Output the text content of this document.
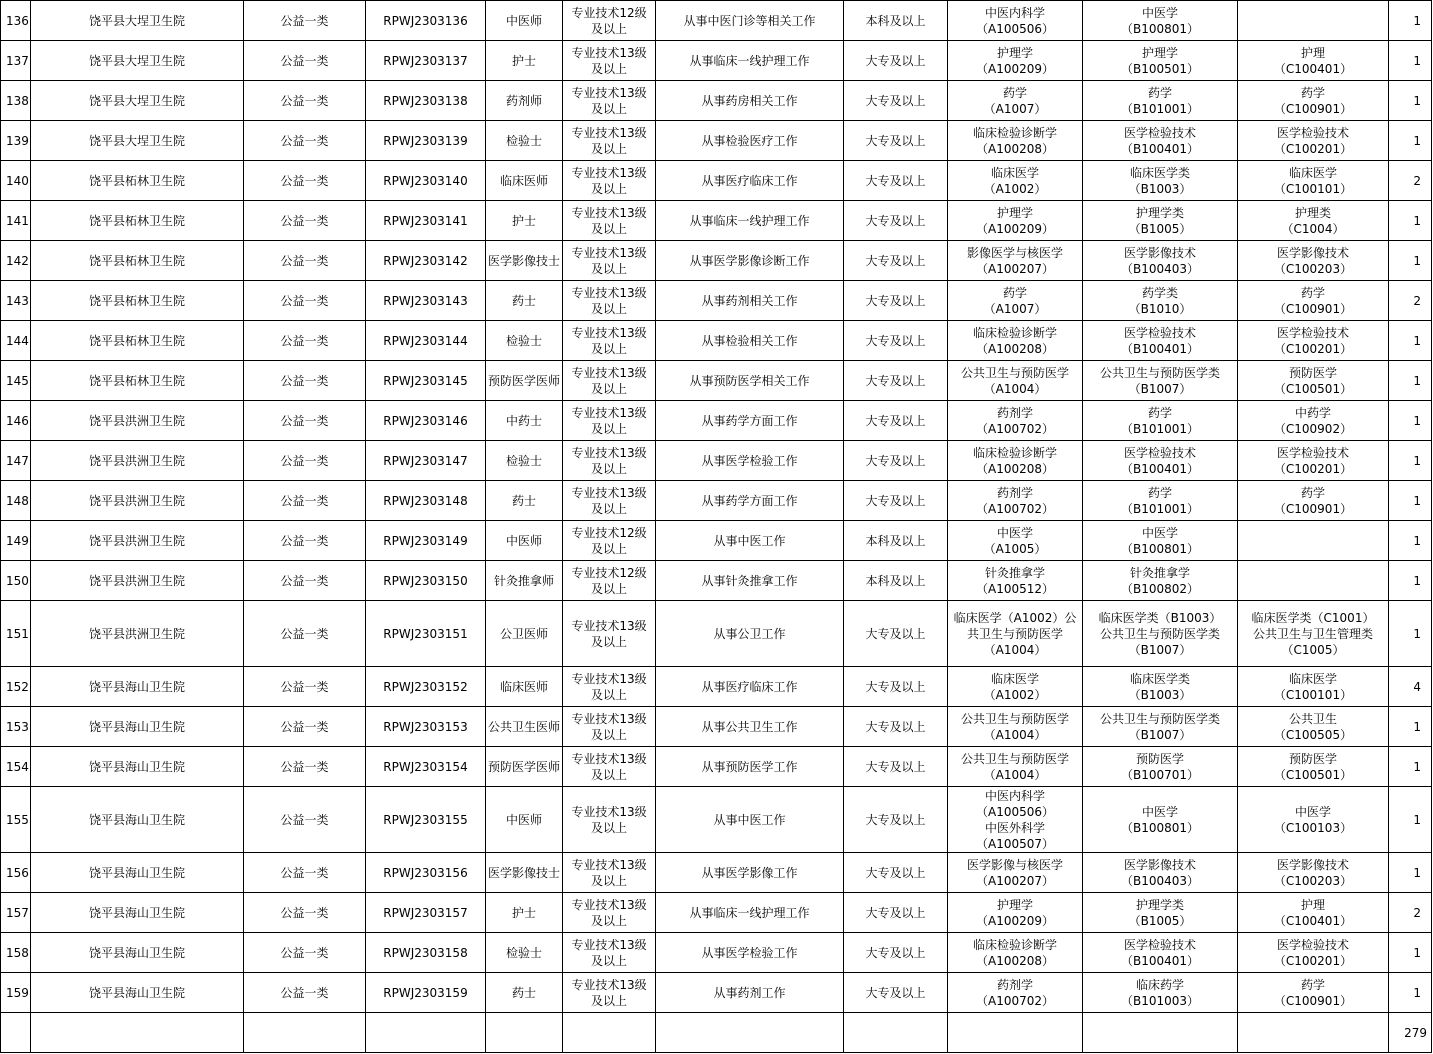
136	饶平县大埕卫生院	公益一类	RPWJ2303136	中医师	专业技术12级
及以上	从事中医门诊等相关工作	本科及以上	中医内科学
（A100506）	中医学
（B100801）		1
137	饶平县大埕卫生院	公益一类	RPWJ2303137	护士	专业技术13级
及以上	从事临床一线护理工作	大专及以上	护理学
（A100209）	护理学
（B100501）	护理
（C100401）	1
138	饶平县大埕卫生院	公益一类	RPWJ2303138	药剂师	专业技术13级
及以上	从事药房相关工作	大专及以上	药学
（A1007）	药学
（B101001）	药学
（C100901）	1
139	饶平县大埕卫生院	公益一类	RPWJ2303139	检验士	专业技术13级
及以上	从事检验医疗工作	大专及以上	临床检验诊断学
（A100208）	医学检验技术
（B100401）	医学检验技术
（C100201）	1
140	饶平县柘林卫生院	公益一类	RPWJ2303140	临床医师	专业技术13级
及以上	从事医疗临床工作	大专及以上	临床医学
（A1002）	临床医学类
（B1003）	临床医学
（C100101）	2
141	饶平县柘林卫生院	公益一类	RPWJ2303141	护士	专业技术13级
及以上	从事临床一线护理工作	大专及以上	护理学
（A100209）	护理学类
（B1005）	护理类
（C1004）	1
142	饶平县柘林卫生院	公益一类	RPWJ2303142	医学影像技士	专业技术13级
及以上	从事医学影像诊断工作	大专及以上	影像医学与核医学
（A100207）	医学影像技术
（B100403）	医学影像技术
（C100203）	1
143	饶平县柘林卫生院	公益一类	RPWJ2303143	药士	专业技术13级
及以上	从事药剂相关工作	大专及以上	药学
（A1007）	药学类
（B1010）	药学
（C100901）	2
144	饶平县柘林卫生院	公益一类	RPWJ2303144	检验士	专业技术13级
及以上	从事检验相关工作	大专及以上	临床检验诊断学
（A100208）	医学检验技术
（B100401）	医学检验技术
（C100201）	1
145	饶平县柘林卫生院	公益一类	RPWJ2303145	预防医学医师	专业技术13级
及以上	从事预防医学相关工作	大专及以上	公共卫生与预防医学
（A1004）	公共卫生与预防医学类
（B1007）	预防医学
（C100501）	1
146	饶平县洪洲卫生院	公益一类	RPWJ2303146	中药士	专业技术13级
及以上	从事药学方面工作	大专及以上	药剂学
（A100702）	药学
（B101001）	中药学
（C100902）	1
147	饶平县洪洲卫生院	公益一类	RPWJ2303147	检验士	专业技术13级
及以上	从事医学检验工作	大专及以上	临床检验诊断学
（A100208）	医学检验技术
（B100401）	医学检验技术
（C100201）	1
148	饶平县洪洲卫生院	公益一类	RPWJ2303148	药士	专业技术13级
及以上	从事药学方面工作	大专及以上	药剂学
（A100702）	药学
（B101001）	药学
（C100901）	1
149	饶平县洪洲卫生院	公益一类	RPWJ2303149	中医师	专业技术12级
及以上	从事中医工作	本科及以上	中医学
（A1005）	中医学
（B100801）		1
150	饶平县洪洲卫生院	公益一类	RPWJ2303150	针灸推拿师	专业技术12级
及以上	从事针灸推拿工作	本科及以上	针灸推拿学
（A100512）	针灸推拿学
（B100802）		1
151	饶平县洪洲卫生院	公益一类	RPWJ2303151	公卫医师	专业技术13级
及以上	从事公卫工作	大专及以上	临床医学（A1002）公
共卫生与预防医学
（A1004）	临床医学类（B1003）
公共卫生与预防医学类
（B1007）	临床医学类（C1001）
公共卫生与卫生管理类
（C1005）	1
152	饶平县海山卫生院	公益一类	RPWJ2303152	临床医师	专业技术13级
及以上	从事医疗临床工作	大专及以上	临床医学
（A1002）	临床医学类
（B1003）	临床医学
（C100101）	4
153	饶平县海山卫生院	公益一类	RPWJ2303153	公共卫生医师	专业技术13级
及以上	从事公共卫生工作	大专及以上	公共卫生与预防医学
（A1004）	公共卫生与预防医学类
（B1007）	公共卫生
（C100505）	1
154	饶平县海山卫生院	公益一类	RPWJ2303154	预防医学医师	专业技术13级
及以上	从事预防医学工作	大专及以上	公共卫生与预防医学
（A1004）	预防医学
（B100701）	预防医学
（C100501）	1
155	饶平县海山卫生院	公益一类	RPWJ2303155	中医师	专业技术13级
及以上	从事中医工作	大专及以上	中医内科学
（A100506）
中医外科学
（A100507）	中医学
（B100801）	中医学
（C100103）	1
156	饶平县海山卫生院	公益一类	RPWJ2303156	医学影像技士	专业技术13级
及以上	从事医学影像工作	大专及以上	医学影像与核医学
（A100207）	医学影像技术
（B100403）	医学影像技术
（C100203）	1
157	饶平县海山卫生院	公益一类	RPWJ2303157	护士	专业技术13级
及以上	从事临床一线护理工作	大专及以上	护理学
（A100209）	护理学类
（B1005）	护理
（C100401）	2
158	饶平县海山卫生院	公益一类	RPWJ2303158	检验士	专业技术13级
及以上	从事医学检验工作	大专及以上	临床检验诊断学
（A100208）	医学检验技术
（B100401）	医学检验技术
（C100201）	1
159	饶平县海山卫生院	公益一类	RPWJ2303159	药士	专业技术13级
及以上	从事药剂工作	大专及以上	药剂学
（A100702）	临床药学
（B101003）	药学
（C100901）	1
											279
